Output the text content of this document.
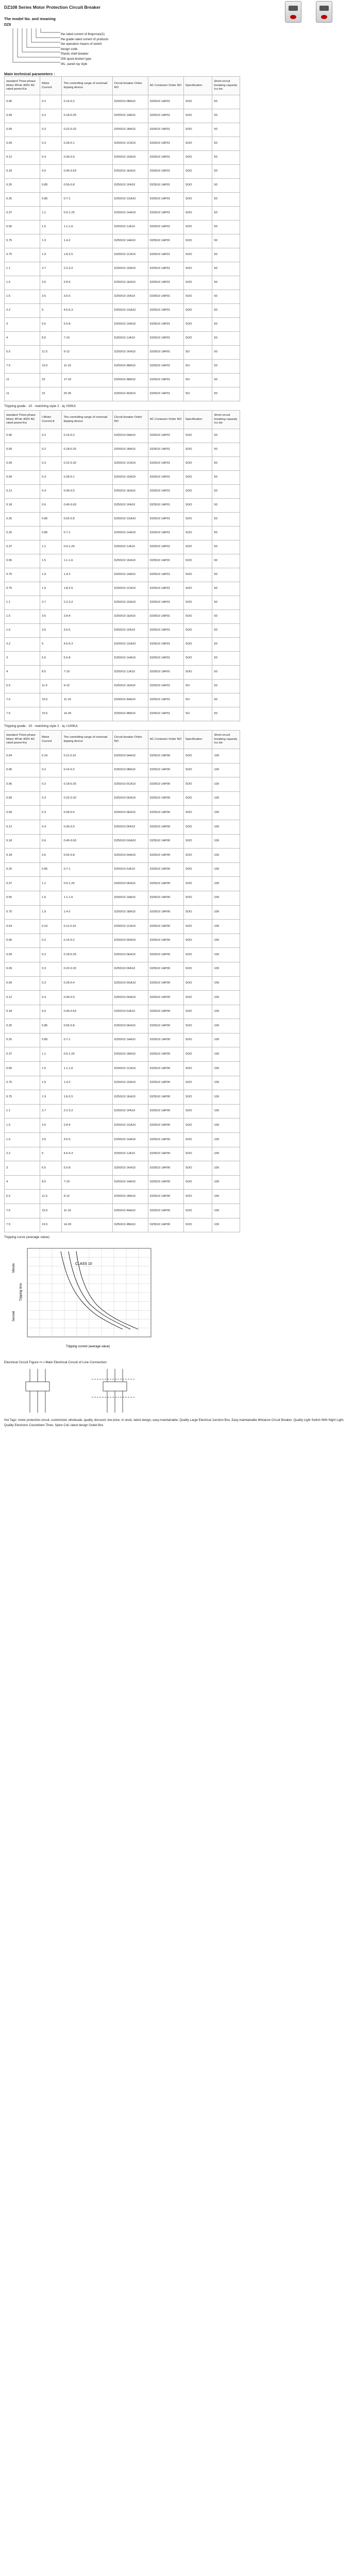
DZ108 Series Motor Protection Circuit Breaker
The model No. and meaning
DZ8
the rated current of thejurnas(A)
the grade rated current of products
the operation means of switch
design code
Plastic shell breaker
DW quick-broken type
WL- panel ray style
Main technical parameters :
standard Three-phase Motor 4Pole 400V AC rated power.Kw	Motor Current	The controlling range of overload tripping device	Circuit breaker Order NO	AC Contactor Order NO	Specification	Short-circuit breaking capacity Icu kw
0.06	0.2	0.14-0.2	DZ50/10 0BA10	DZ9510 1AP01	SOO	50
0.09	0.2	0.18-0.25	DZ50/10 1AA10	DZ9510 1AP01	SOO	50
0.09	0.3	0.22-0.32	DZ50/10 1BA10	DZ9510 1AP01	SOO	50
0.09	0.3	0.28-0.1	DZ50/10 1CA10	DZ9510 1AP01	SOO	50
0.12	0.4	0.36-0.5	DZ50/10 1DA10	DZ9510 1AP01	SOO	50
0.18	0.6	0.45-0.63	DZ50/10 1EA10	DZ9510 1AP01	SOO	50
0.25	0.85	0.55-0.8	DZ50/10 1FA10	DZ9510 1AP01	SOO	50
0.25	0.85	0.7-1	DZ50/10 1GA10	DZ9510 1AP01	SOO	50
0.37	1.1	0.9-1.25	DZ50/10 1HA10	DZ9510 1AP01	SOO	50
0.55	1.5	1.1-1.6	DZ50/10 1JA10	DZ9510 1AP01	SOO	50
0.75	1.9	1.4-2	DZ50/10 1AA10	DZ9510 1AP01	SOO	50
0.75	1.9	1.8-2.5	DZ50/10 1CA10	DZ9510 1AP01	SOO	50
1.1	2.7	2.2-3.2	DZ50/10 1DA10	DZ9510 1AP01	SOO	50
1.5	3.5	2.8-4	DZ50/10 1EA10	DZ9510 1AP01	SOO	50
1.5	3.5	3.5-5	DZ50/10 1FA10	DZ9510 1AP01	SOO	50
2.2	5	4.5-6.3	DZ50/10 1GA10	DZ9510 1AP01	SOO	50
3	6.5	5.5-8	DZ50/10 1HA10	DZ9510 1AP01	SOO	50
4	8.5	7-10	DZ50/10 1JA10	DZ9510 1AP01	SOO	50
5.5	11.5	9-12	DZ50/10 1KA10	DZ9510 1AP01	SO	50
7.5	15.5	11-16	DZ50/10 4BA10	DZ9510 1AP01	SO	50
11	22	17-22	DZ50/10 4BA10	DZ9510 1AP01	SO	50
11	22	20-25	DZ50/10 4DA10	DZ9510 1AP01	SO	50
Tripping grade : 10 . matching style 2 . Iq =50KA
standard Three-phase Motor 4Pole 400V AC rated power.Kw	I-Motor Current A	The controlling range of overload tripping device	Circuit breaker Order NO	AC Contactor Order NO	Specification	Short-circuit breaking capacity Icu kw
0.06	0.2	0.14-0.2	DZ50/10 0AA10	DZ9510 1AP01	SOO	50
0.09	0.2	0.18-0.25	DZ50/10 1BA10	DZ9510 1AP01	SOO	50
0.09	0.3	0.22-0.32	DZ50/10 1CA10	DZ9510 1AP01	SOO	50
0.09	0.3	0.28-0.1	DZ50/10 1DA10	DZ9510 1AP01	SOO	50
0.12	0.4	0.36-0.5	DZ50/10 1EA10	DZ9510 1AP01	SOO	50
0.18	0.6	0.45-0.63	DZ50/10 1FA10	DZ9510 1AP01	SOO	50
0.25	0.85	0.55-0.8	DZ50/10 1GA10	DZ9510 1AP01	SOO	50
0.25	0.85	0.7-1	DZ50/10 1HA10	DZ9510 1AP01	SOO	50
0.37	1.1	0.9-1.25	DZ50/10 1JA10	DZ9510 1AP01	SOO	50
0.55	1.5	1.1-1.6	DZ50/10 1KA10	DZ9510 1AP01	SOO	50
0.75	1.9	1.4-2	DZ50/10 1AA10	DZ9510 1AP01	SOO	50
0.75	1.9	1.8-2.5	DZ50/10 1CA10	DZ9510 1AP01	SOO	50
1.1	2.7	2.2-3.2	DZ50/10 1DA10	DZ9510 1AP01	SOO	50
1.5	3.5	2.8-4	DZ50/10 1EA10	DZ9510 1AP01	SOO	50
1.5	3.5	3.5-5	DZ50/10 1FA10	DZ9510 1AP01	SOO	50
2.2	5	4.5-6.3	DZ50/10 1GA10	DZ9510 1AP01	SOO	50
3	6.5	5.5-8	DZ50/10 1HA10	DZ9510 1AP01	SOO	50
4	8.5	7-10	DZ50/10 1JA10	DZ9510 1AP01	SOO	50
5.5	11.5	9-12	DZ50/10 1KA10	DZ9510 1AP01	SO	50
7.5	15.5	11-16	DZ50/10 4AA10	DZ9510 1AP01	SO	50
7.5	15.5	14-20	DZ50/10 4BA10	DZ9510 1AP01	SO	50
Tripping grade : 10 . matching style 2 . Iq =100KA
standard Three-phase Motor 4Pole 400V AC rated power.Kw	Motor Current	The controlling range of overload tripping device	Circuit breaker Order NO	AC Contactor Order NO	Specification	Short-circuit breaking capacity Icu kw
0.04	0.16	0.11-0.16	DZ50/10 0AA10	DZ9510 1AP00	SOO	100
0.06	0.2	0.14-0.2	DZ50/10 0BA10	DZ9510 1AP00	SOO	100
0.06	0.2	0.18-0.25	DZ50/10 0CA10	DZ9510 1AP00	SOO	100
0.09	0.3	0.22-0.32	DZ50/10 0DA10	DZ9510 1AP00	SOO	100
0.09	0.3	0.28-0.4	DZ50/10 0EA10	DZ9510 1AP00	SOO	100
0.12	0.4	0.36-0.5	DZ50/10 0FA10	DZ9510 1AP00	SOO	100
0.18	0.6	0.45-0.63	DZ50/10 0GA10	DZ9510 1AP00	SOO	100
0.18	0.6	0.55-0.8	DZ50/10 0HA10	DZ9510 1AP00	SOO	100
0.25	0.85	0.7-1	DZ50/10 0JA10	DZ9510 1AP00	SOO	100
0.37	1.1	0.9-1.25	DZ50/10 0KA10	DZ9510 1AP00	SOO	100
0.55	1.5	1.1-1.6	DZ50/10 1AA10	DZ9510 1AP00	SOO	100
0.75	1.9	1.4-2	DZ50/10 1BA10	DZ9510 1AP00	SOO	100
0.54	0.16	0.11-0.16	DZ50/10 1CA10	DZ9510 1AP00	SOO	100
0.06	0.2	0.14-0.2	DZ50/10 0DA10	DZ9510 1AP00	SOO	100
0.09	0.2	0.18-0.25	DZ50/10 0EA10	DZ9510 1AP00	SOO	100
0.09	0.3	0.22-0.32	DZ50/10 0FA10	DZ9510 1AP00	SOO	100
0.09	0.3	0.28-0.4	DZ50/10 0GA10	DZ9510 1AP00	SOO	100
0.12	0.4	0.36-0.5	DZ50/10 0HA10	DZ9510 1AP00	SOO	100
0.18	0.6	0.45-0.63	DZ50/10 0JA10	DZ9510 1AP00	SOO	100
0.25	0.85	0.55-0.8	DZ50/10 0KA10	DZ9510 1AP00	SOO	100
0.25	0.85	0.7-1	DZ50/10 1AA10	DZ9510 1AP00	SOO	100
0.37	1.1	0.9-1.25	DZ50/10 1BA10	DZ9510 1AP00	SOO	100
0.55	1.5	1.1-1.6	DZ50/10 1CA10	DZ9510 1AP00	SOO	100
0.75	1.9	1.4-2	DZ50/10 1DA10	DZ9510 1AP00	SOO	100
0.75	1.9	1.8-2.5	DZ50/10 1EA10	DZ9510 1AP00	SOO	100
1.1	2.7	2.2-3.2	DZ50/10 1FA10	DZ9510 1AP00	SOO	100
1.5	3.5	2.8-4	DZ50/10 1GA10	DZ9510 1AP00	SOO	100
1.5	3.5	3.5-5	DZ50/10 1HA10	DZ9510 1AP00	SOO	100
2.2	5	4.5-6.3	DZ50/10 1JA10	DZ9510 1AP00	SOO	100
3	6.5	5.5-8	DZ50/10 1KA10	DZ9510 1AP00	SOO	100
4	8.5	7-10	DZ50/10 1AA10	DZ9510 1AP00	SOO	100
5.5	11.5	9-12	DZ50/10 1BA10	DZ9510 1AP00	SOO	100
7.5	15.5	11-16	DZ50/10 4AA10	DZ9510 1AP00	SOO	100
7.5	15.5	14-20	DZ50/10 4BA10	DZ9510 1AP00	SOO	100
Tripping curve (average value)
Minute
Second
Tripping time
Tripping current (average value)
CLASS 10
Electrical Circuit Figure /<-/-Main Electrical Circuit of Line Connection
Hot Tags: motor protection circuit, customized, wholesale, quality, discount, low price, in stock, latest design, easy-maintainable, Quality Large Electrical Junction Box, Easy-maintainable Miniature Circuit Breaker, Quality Light Switch With Night Light, Quality Electronic Countdown Timer, Spine Coil, latest design Outlet Box
